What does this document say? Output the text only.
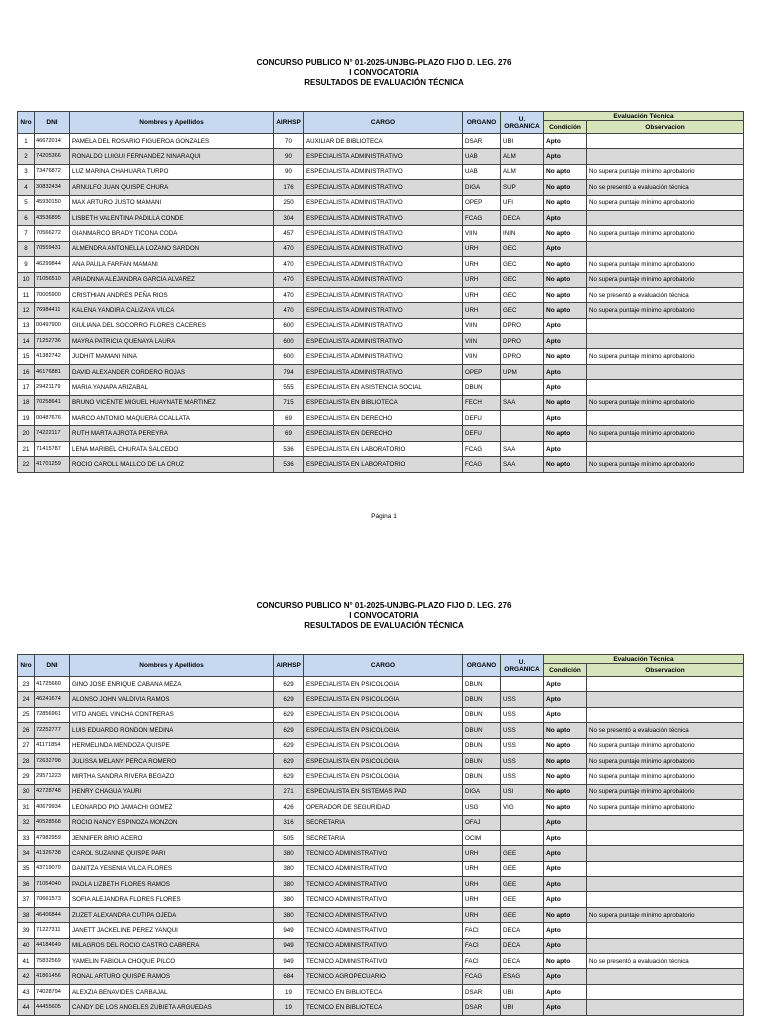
CONCURSO PUBLICO N° 01-2025-UNJBG-PLAZO FIJO D. LEG. 276
I CONVOCATORIA
RESULTADOS DE EVALUACIÓN TÉCNICA
Nro	DNI	Nombres y Apellidos	AIRHSP	CARGO	ORGANO	U. ORGANICA	Evaluación Técnica	
							Condición	Observacion
1	46672014	PAMELA DEL ROSARIO FIGUEROA GONZALES	70	AUXILIAR DE BIBLIOTECA	DSAR	UBI	Apto	
2	74205366	RONALDO LUIGUI FERNANDEZ NINARAQUI	90	ESPECIALISTA ADMINISTRATIVO	UAB	ALM	Apto	
3	73476872	LUZ MARINA CHAHUARA TURPO	90	ESPECIALISTA ADMINISTRATIVO	UAB	ALM	No apto	No supera puntaje mínimo aprobatorio
4	30832434	ARNULFO JUAN QUISPE CHURA	176	ESPECIALISTA ADMINISTRATIVO	DIGA	SUP	No apto	No se presentó a evaluación técnica
5	45930150	MAX ARTURO JUSTO MAMANI	250	ESPECIALISTA ADMINISTRATIVO	OPEP	UFI	No apto	No supera puntaje mínimo aprobatorio
6	43536895	LISBETH VALENTINA PADILLA CONDE	304	ESPECIALISTA ADMINISTRATIVO	FCAG	DECA	Apto	
7	70566272	GIANMARCO BRADY TICONA CODA	457	ESPECIALISTA ADMINISTRATIVO	VIIN	ININ	No apto	No supera puntaje mínimo aprobatorio
8	70559431	ALMENDRA ANTONELLA LOZANO SARDON	470	ESPECIALISTA ADMINISTRATIVO	URH	GEC	Apto	
9	46299844	ANA PAULA FARFAN MAMANI	470	ESPECIALISTA ADMINISTRATIVO	URH	GEC	No apto	No supera puntaje mínimo aprobatorio
10	71056510	ARIADNNA ALEJANDRA GARCIA ALVAREZ	470	ESPECIALISTA ADMINISTRATIVO	URH	GEC	No apto	No supera puntaje mínimo aprobatorio
11	70005900	CRISTHIAN ANDRES PEÑA RIOS	470	ESPECIALISTA ADMINISTRATIVO	URH	GEC	No apto	No se presentó a evaluación técnica
12	76984411	KALENA YANDIRA CALIZAYA VILCA	470	ESPECIALISTA ADMINISTRATIVO	URH	GEC	No apto	No supera puntaje mínimo aprobatorio
13	00497900	GIULIANA DEL SOCORRO FLORES CACERES	600	ESPECIALISTA ADMINISTRATIVO	VIIN	DPRO	Apto	
14	71252736	MAYRA PATRICIA QUENAYA LAURA	600	ESPECIALISTA ADMINISTRATIVO	VIIN	DPRO	Apto	
15	41382742	JUDHIT MAMANI NINA	600	ESPECIALISTA ADMINISTRATIVO	VIIN	DPRO	No apto	No supera puntaje mínimo aprobatorio
16	46176881	DAVID ALEXANDER CORDERO ROJAS	794	ESPECIALISTA ADMINISTRATIVO	OPEP	UPM	Apto	
17	29421179	MARIA YANAPA ARIZABAL	555	ESPECIALISTA EN ASISTENCIA SOCIAL	DBUN		Apto	
18	70258641	BRUNO VICENTE MIGUEL HUAYNATE MARTINEZ	715	ESPECIALISTA EN BIBLIOTECA	FECH	SAA	No apto	No supera puntaje mínimo aprobatorio
19	00487676	MARCO ANTONIO MAQUERA CCALLATA	69	ESPECIALISTA EN DERECHO	DEFU		Apto	
20	74222117	RUTH MARTA AJROTA PEREYRA	69	ESPECIALISTA EN DERECHO	DEFU		No apto	No supera puntaje mínimo aprobatorio
21	71415787	LENA MARIBEL CHURATA SALCEDO	536	ESPECIALISTA EN LABORATORIO	FCAG	SAA	Apto	
22	41701259	ROCIO CAROLL MALLCO DE LA CRUZ	536	ESPECIALISTA EN LABORATORIO	FCAG	SAA	No apto	No supera puntaje mínimo aprobatorio
Página 1
CONCURSO PUBLICO N° 01-2025-UNJBG-PLAZO FIJO D. LEG. 276
I CONVOCATORIA
RESULTADOS DE EVALUACIÓN TÉCNICA
Nro	DNI	Nombres y Apellidos	AIRHSP	CARGO	ORGANO	U. ORGANICA	Evaluación Técnica	
							Condición	Observacion
23	41725660	GINO JOSE ENRIQUE CABANA MEZA	629	ESPECIALISTA EN PSICOLOGIA	DBUN		Apto	
24	46241674	ALONSO JOHN VALDIVIA RAMOS	629	ESPECIALISTA EN PSICOLOGIA	DBUN	USS	Apto	
25	72856961	VITO ANGEL VINCHA CONTRERAS	629	ESPECIALISTA EN PSICOLOGIA	DBUN	USS	Apto	
26	72252777	LUIS EDUARDO RONDON MEDINA	629	ESPECIALISTA EN PSICOLOGIA	DBUN	USS	No apto	No se presentó a evaluación técnica
27	41171854	HERMELINDA MENDOZA QUISPE	629	ESPECIALISTA EN PSICOLOGIA	DBUN	USS	No apto	No supera puntaje mínimo aprobatorio
28	72632798	JULISSA MELANY PERCA ROMERO	629	ESPECIALISTA EN PSICOLOGIA	DBUN	USS	No apto	No supera puntaje mínimo aprobatorio
29	29571223	MIRTHA SANDRA RIVERA BEGAZO	629	ESPECIALISTA EN PSICOLOGIA	DBUN	USS	No apto	No supera puntaje mínimo aprobatorio
30	42728748	HENRY CHAGUA YAURI	271	ESPECIALISTA EN SISTEMAS PAD	DIGA	USI	No apto	No supera puntaje mínimo aprobatorio
31	40679934	LEONARDO PIO JAMACHI GOMEZ	426	OPERADOR DE SEGURIDAD	USG	VIG	No apto	No supera puntaje mínimo aprobatorio
32	40528568	ROCIO NANCY ESPINOZA MONZON	316	SECRETARIA	OFAJ		Apto	
33	47982959	JENNIFER BRIO ACERO	505	SECRETARIA	OCIM		Apto	
34	41326738	CAROL SUZANNE QUISPE PARI	380	TECNICO ADMINISTRATIVO	URH	GEE	Apto	
35	43719079	DANITZA YESENIA VILCA FLORES	380	TECNICO ADMINISTRATIVO	URH	GEE	Apto	
36	71054040	PAOLA LIZBETH FLORES RAMOS	380	TECNICO ADMINISTRATIVO	URH	GEE	Apto	
37	70661573	SOFIA ALEJANDRA FLORES FLORES	380	TECNICO ADMINISTRATIVO	URH	GEE	Apto	
38	46406844	ZUZET ALEXANDRA CUTIPA OJEDA	380	TECNICO ADMINISTRATIVO	URH	GEE	No apto	No supera puntaje mínimo aprobatorio
39	71227311	JANETT JACKELINE PEREZ YANQUI	949	TECNICO ADMINISTRATIVO	FACI	DECA	Apto	
40	44184649	MILAGROS DEL ROCIO CASTRO CABRERA	949	TECNICO ADMINISTRATIVO	FACI	DECA	Apto	
41	75832569	YAMELIN FABIOLA CHOQUE PILCO	949	TECNICO ADMINISTRATIVO	FACI	DECA	No apto	No se presentó a evaluación técnica
42	41861456	RONAL ARTURO QUISPE RAMOS	684	TECNICO AGROPECUARIO	FCAG	ESAG	Apto	
43	74028794	ALEXZIA BENAVIDES CARBAJAL	19	TECNICO EN BIBLIOTECA	DSAR	UBI	Apto	
44	44455605	CANDY DE LOS ANGELES ZUBIETA ARGUEDAS	19	TECNICO EN BIBLIOTECA	DSAR	UBI	Apto	
